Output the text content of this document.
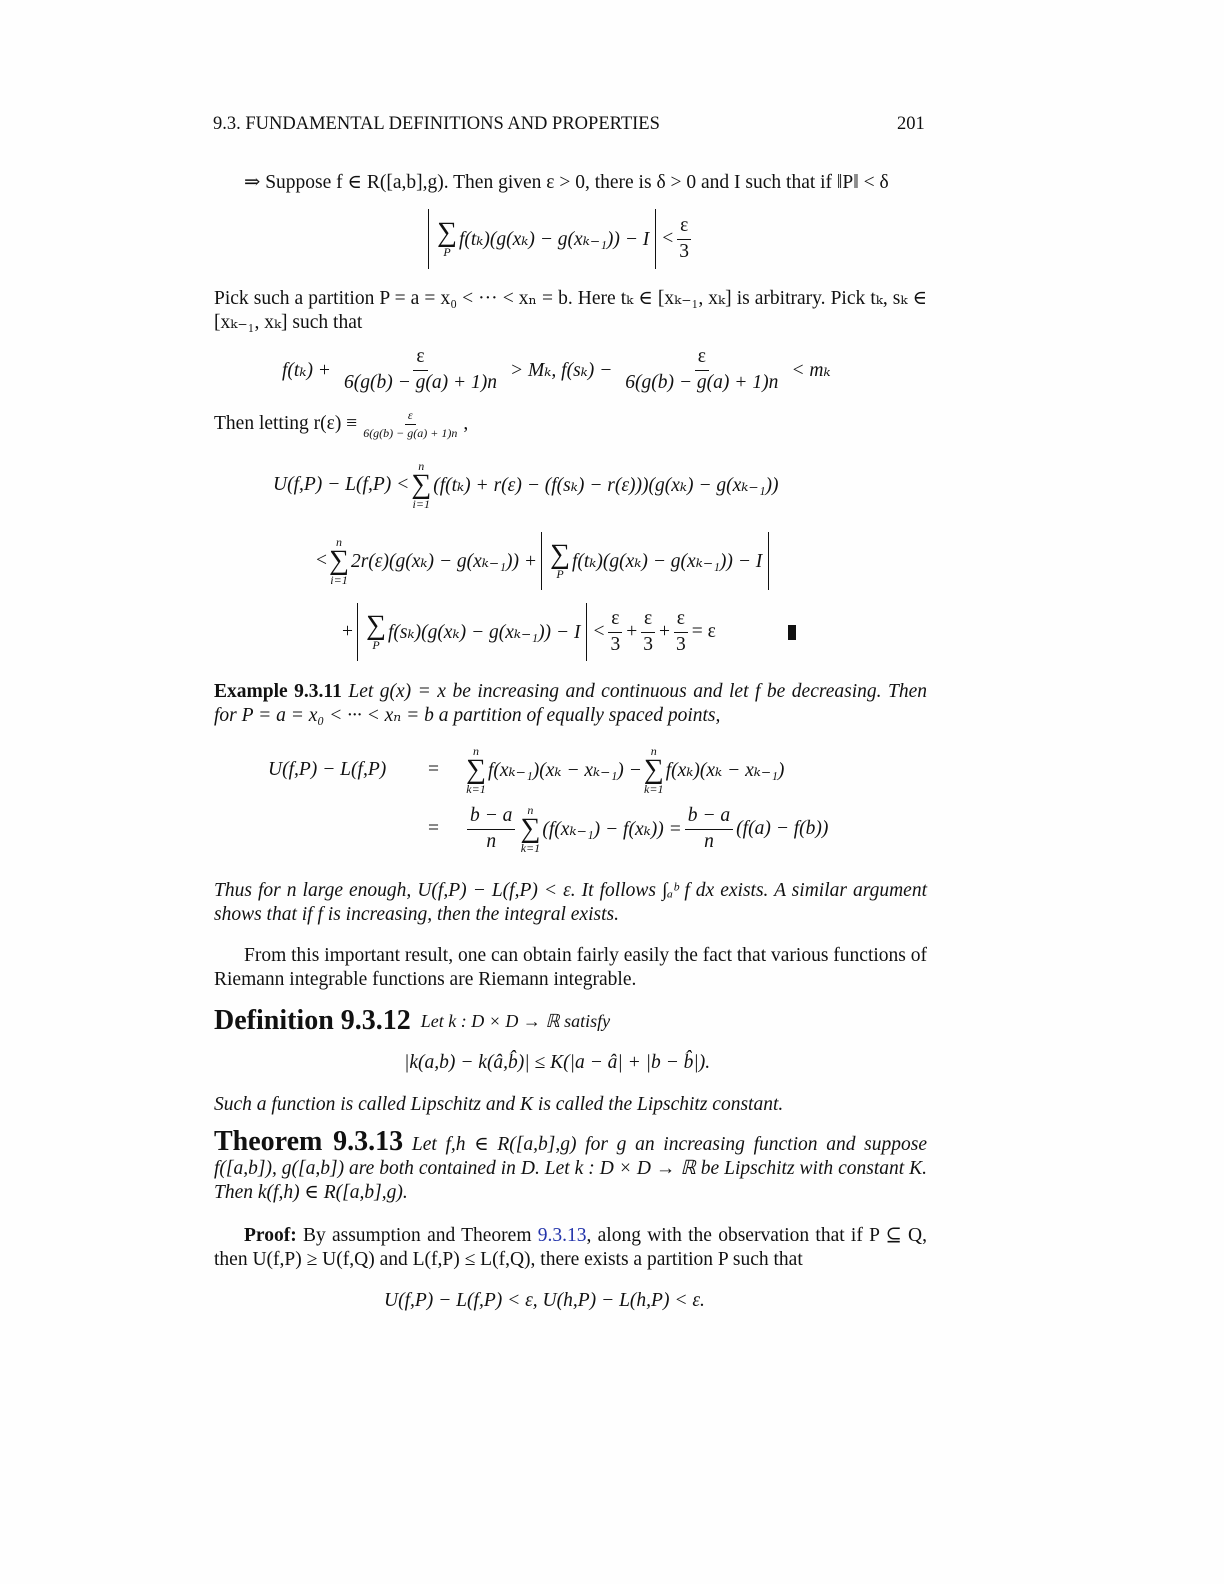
9.3. FUNDAMENTAL DEFINITIONS AND PROPERTIES	201
⇒ Suppose f ∈ R([a,b],g). Then given ε > 0, there is δ > 0 and I such that if ‖P‖ < δ
∑
P
$f(t_k)(g(x_k) - g(x_{k-1})) - I < \frac{\varepsilon}{3}$
Pick such a partition P = a = x₀ < ··· < xₙ = b. Here tₖ ∈ [xₖ₋₁, xₖ] is arbitrary. Pick tₖ, sₖ ∈ [xₖ₋₁, xₖ] such that
$f(t_k) + \frac{\varepsilon}{6(g(b) - g(a) + 1)n} > M_k$, $f(s_k) - \frac{\varepsilon}{6(g(b) - g(a) + 1)n} < m_k$
Then letting $r(\varepsilon) \equiv \frac{\varepsilon}{6(g(b) - g(a) + 1)n}$ ,
U(f,P) − L(f,P) <
n
∑
i=1
(f(tₖ) + r(ε) − (f(sₖ) − r(ε)))(g(xₖ) − g(xₖ₋₁))
<
n
∑
i=1
2r(ε)(g(xₖ) − g(xₖ₋₁)) + ∑
P
f(tₖ)(g(xₖ) − g(xₖ₋₁)) − I
+ ∑
P
$f(s_k)(g(x_k) - g(x_{k-1})) - I < \frac{\varepsilon}{3} + \frac{\varepsilon}{3} + \frac{\varepsilon}{3} = \varepsilon$
Example 9.3.11 Let g(x) = x be increasing and continuous and let f be decreasing. Then for P = a = x₀ < ··· < xₙ = b a partition of equally spaced points,
U(f,P) − L(f,P)	=
n
∑
k=1
f(xₖ₋₁)(xₖ − xₖ₋₁) −
n
∑
k=1
f(xₖ)(xₖ − xₖ₋₁)
=	$\frac{b - a}{n}$ n
∑
k=1
$(f(x_{k-1}) - f(x_k)) = \frac{b - a}{n} (f(a) - f(b))$
Thus for n large enough, U(f,P) − L(f,P) < ε. It follows ∫ₐᵇ f dx exists. A similar argument shows that if f is increasing, then the integral exists.
From this important result, one can obtain fairly easily the fact that various functions of Riemann integrable functions are Riemann integrable.
Definition 9.3.12 Let k : D × D → ℝ satisfy
|k(a,b) − k(â,b̂)| ≤ K(|a − â| + |b − b̂|).
Such a function is called Lipschitz and K is called the Lipschitz constant.
Theorem 9.3.13 Let f,h ∈ R([a,b],g) for g an increasing function and suppose f([a,b]), g([a,b]) are both contained in D. Let k : D × D → ℝ be Lipschitz with constant K. Then k(f,h) ∈ R([a,b],g).
Proof: By assumption and Theorem 9.3.13, along with the observation that if P ⊆ Q, then U(f,P) ≥ U(f,Q) and L(f,P) ≤ L(f,Q), there exists a partition P such that
U(f,P) − L(f,P) < ε, U(h,P) − L(h,P) < ε.
